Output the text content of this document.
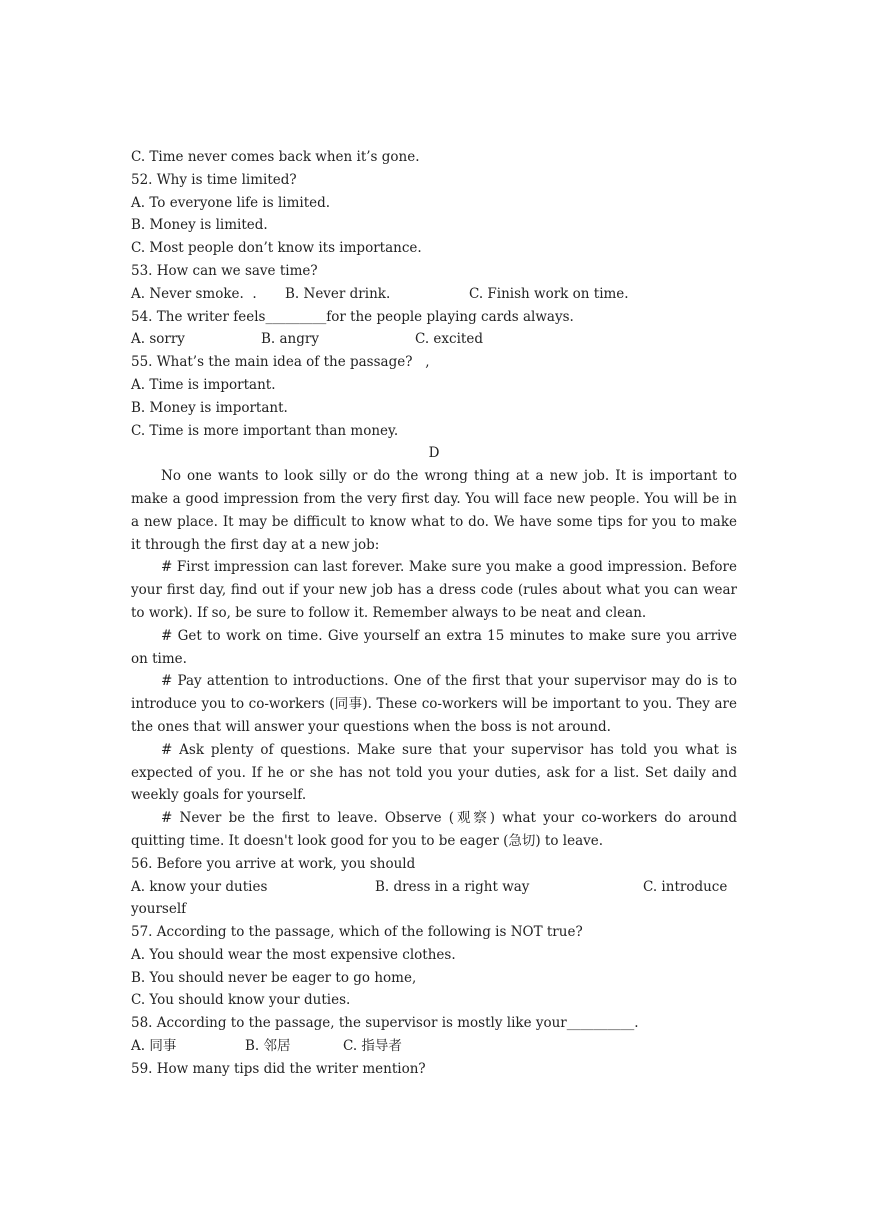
C. Time never comes back when it’s gone.

52. Why is time limited?

A. To everyone life is limited.

B. Money is limited.

C. Most people don’t know its importance.

53. How can we save time?

A. Never smoke.  .	B. Never drink.	C. Finish work on time.

54. The writer feels_________for the people playing cards always.

A. sorry	B. angry	C. excited

55. What’s the main idea of the passage?   ,

A. Time is important.

B. Money is important.

C. Time is more important than money.

D

No one wants to look silly or do the wrong thing at a new job. It is important to make a good impression from the very first day. You will face new people. You will be in a new place. It may be difficult to know what to do. We have some tips for you to make it through the first day at a new job:

# First impression can last forever. Make sure you make a good impression. Before your first day, find out if your new job has a dress code (rules about what you can wear to work). If so, be sure to follow it. Remember always to be neat and clean.

# Get to work on time. Give yourself an extra 15 minutes to make sure you arrive on time.

# Pay attention to introductions. One of the first that your supervisor may do is to introduce you to co-workers (同事). These co-workers will be important to you. They are the ones that will answer your questions when the boss is not around.

# Ask plenty of questions. Make sure that your supervisor has told you what is expected of you. If he or she has not told you your duties, ask for a list. Set daily and weekly goals for yourself.

# Never be the first to leave. Observe (观察) what your co-workers do around quitting time. It doesn't look good for you to be eager (急切) to leave.

56. Before you arrive at work, you should

A. know your duties	B. dress in a right way	C. introduce

yourself

57. According to the passage, which of the following is NOT true?

A. You should wear the most expensive clothes.

B. You should never be eager to go home,

C. You should know your duties.

58. According to the passage, the supervisor is mostly like your__________.

A. 同事	B. 邻居	C. 指导者

59. How many tips did the writer mention?
